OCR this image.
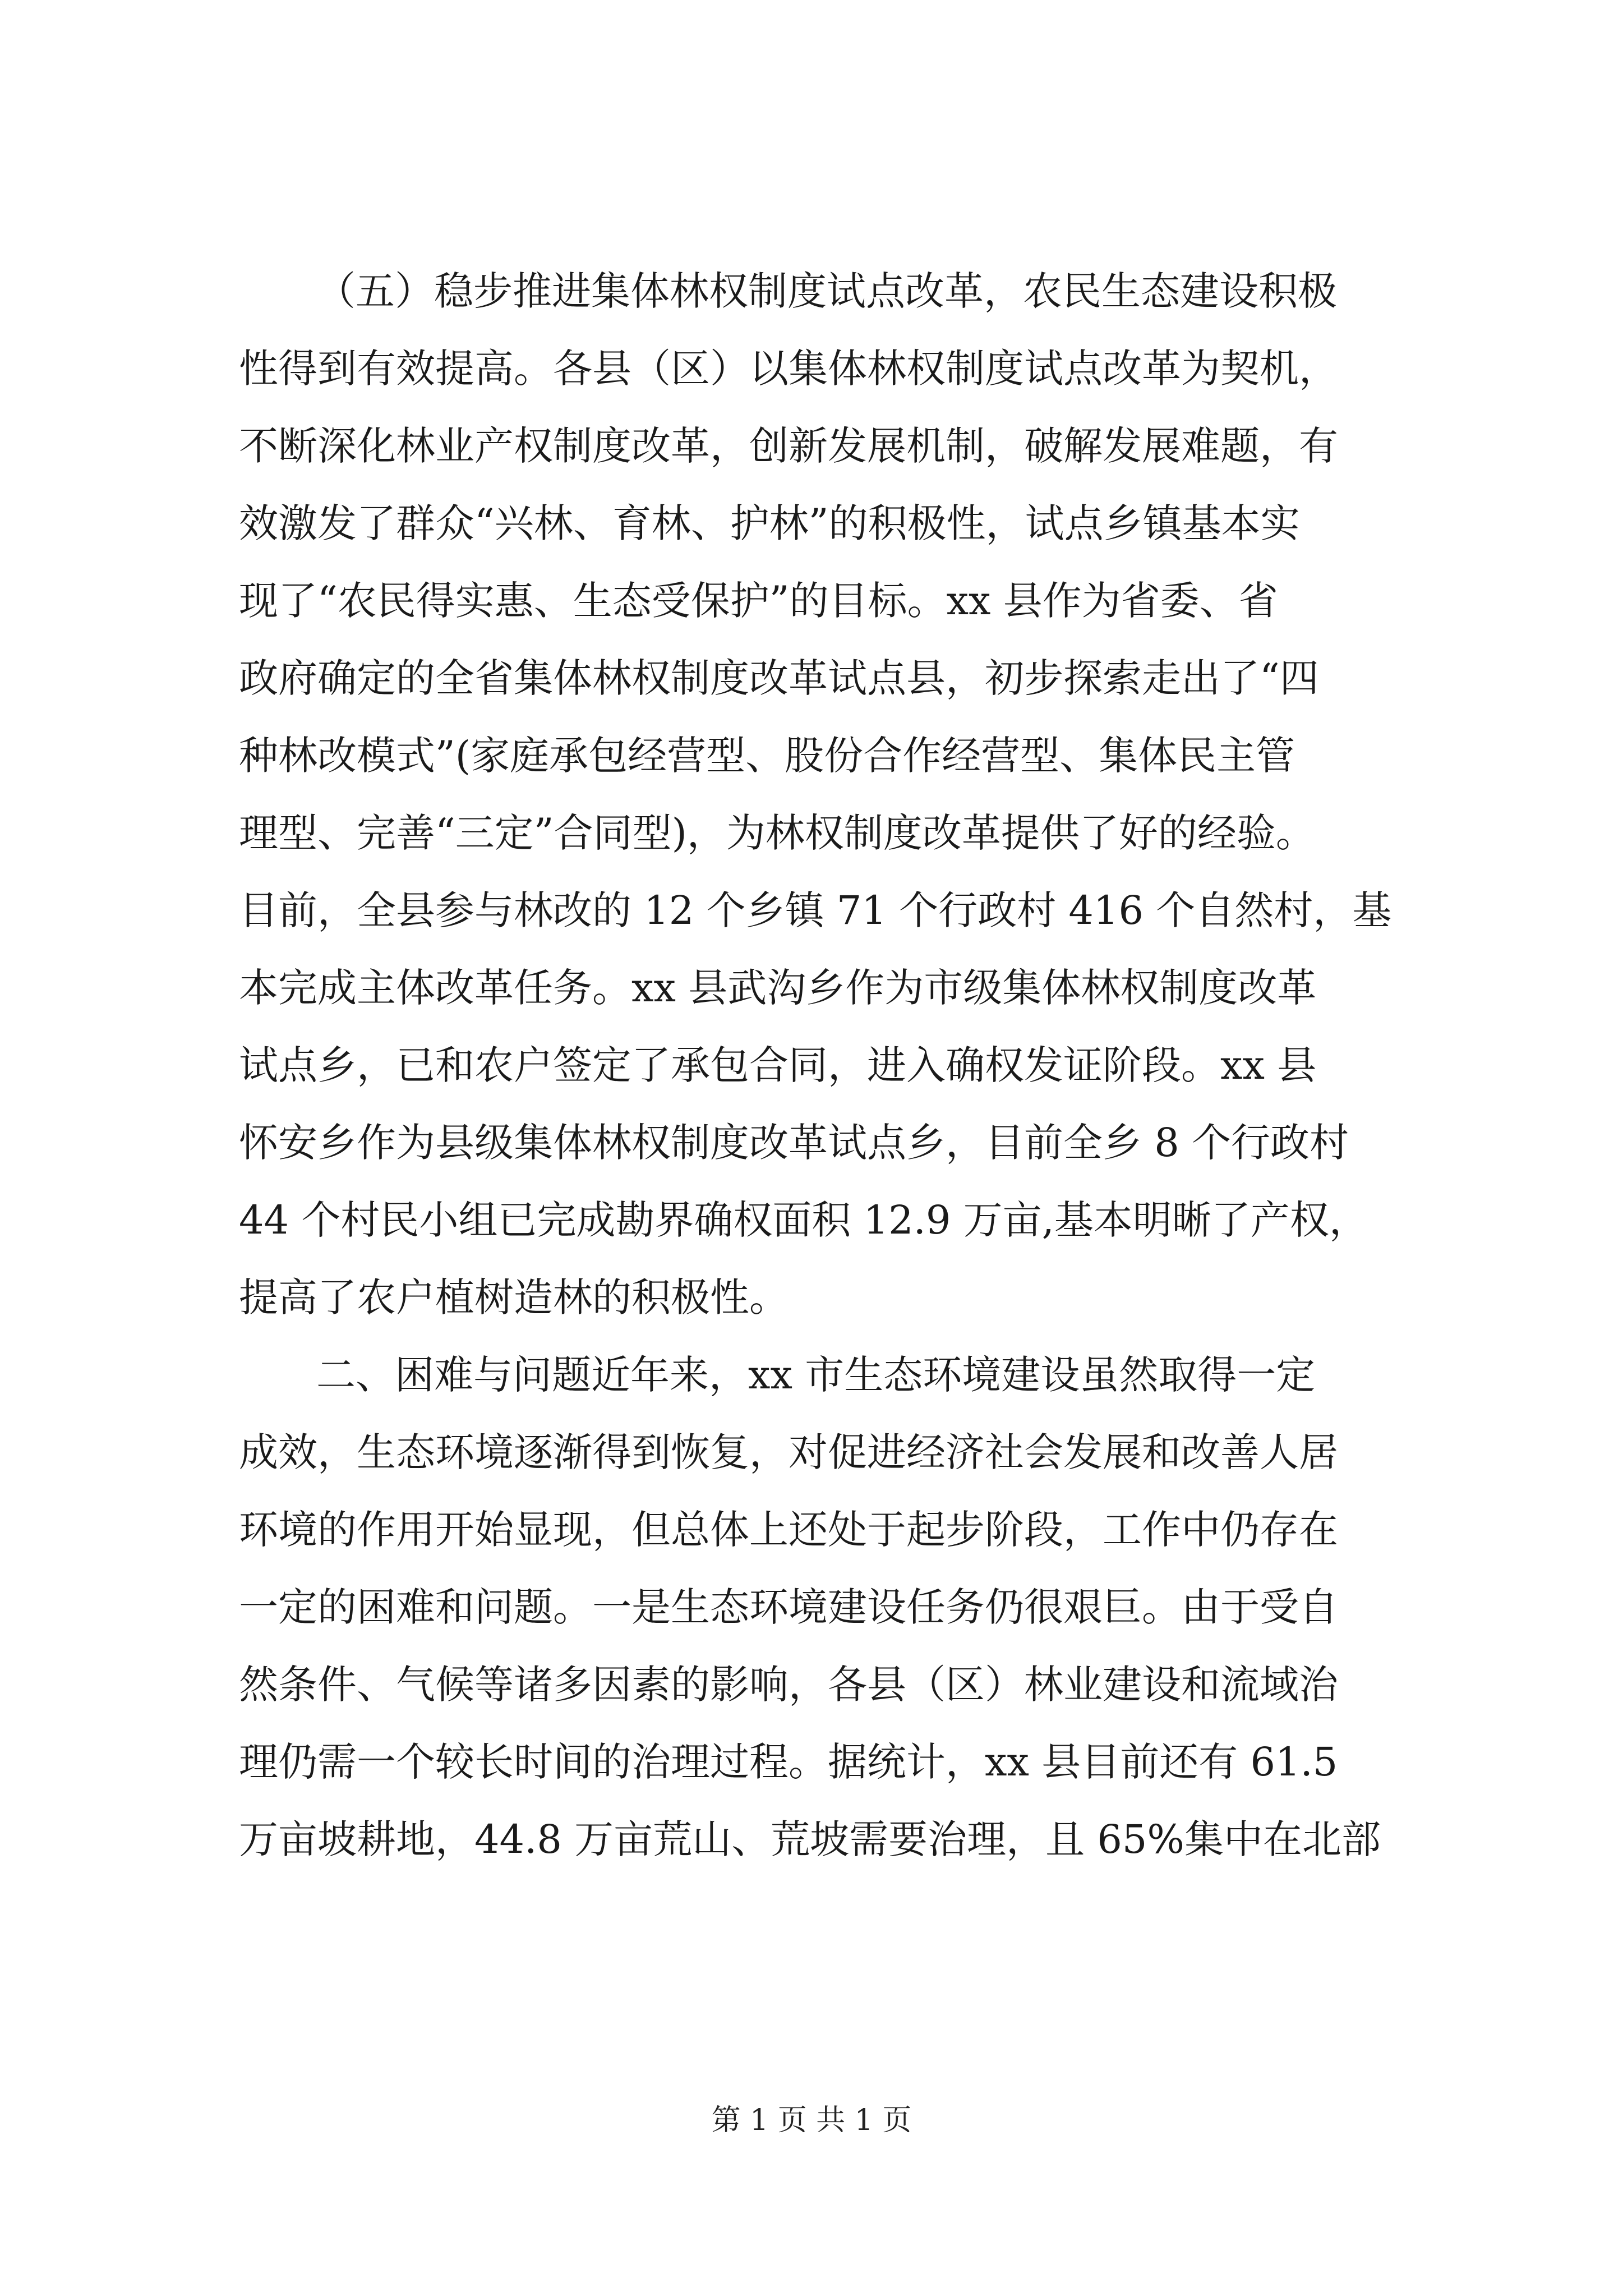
（五）稳步推进集体林权制度试点改革，农民生态建设积极
性得到有效提高。各县（区）以集体林权制度试点改革为契机，
不断深化林业产权制度改革，创新发展机制，破解发展难题，有
效激发了群众“兴林、育林、护林”的积极性，试点乡镇基本实
现了“农民得实惠、生态受保护”的目标。xx 县作为省委、省
政府确定的全省集体林权制度改革试点县，初步探索走出了“四
种林改模式”(家庭承包经营型、股份合作经营型、集体民主管
理型、完善“三定”合同型)，为林权制度改革提供了好的经验。
目前，全县参与林改的 12 个乡镇 71 个行政村 416 个自然村，基
本完成主体改革任务。xx 县武沟乡作为市级集体林权制度改革
试点乡，已和农户签定了承包合同，进入确权发证阶段。xx 县
怀安乡作为县级集体林权制度改革试点乡，目前全乡 8 个行政村
44 个村民小组已完成勘界确权面积 12.9 万亩,基本明晰了产权，
提高了农户植树造林的积极性。
二、困难与问题近年来，xx 市生态环境建设虽然取得一定
成效，生态环境逐渐得到恢复，对促进经济社会发展和改善人居
环境的作用开始显现，但总体上还处于起步阶段，工作中仍存在
一定的困难和问题。一是生态环境建设任务仍很艰巨。由于受自
然条件、气候等诸多因素的影响，各县（区）林业建设和流域治
理仍需一个较长时间的治理过程。据统计，xx 县目前还有 61.5
万亩坡耕地，44.8 万亩荒山、荒坡需要治理，且 65%集中在北部
第 1 页 共 1 页
